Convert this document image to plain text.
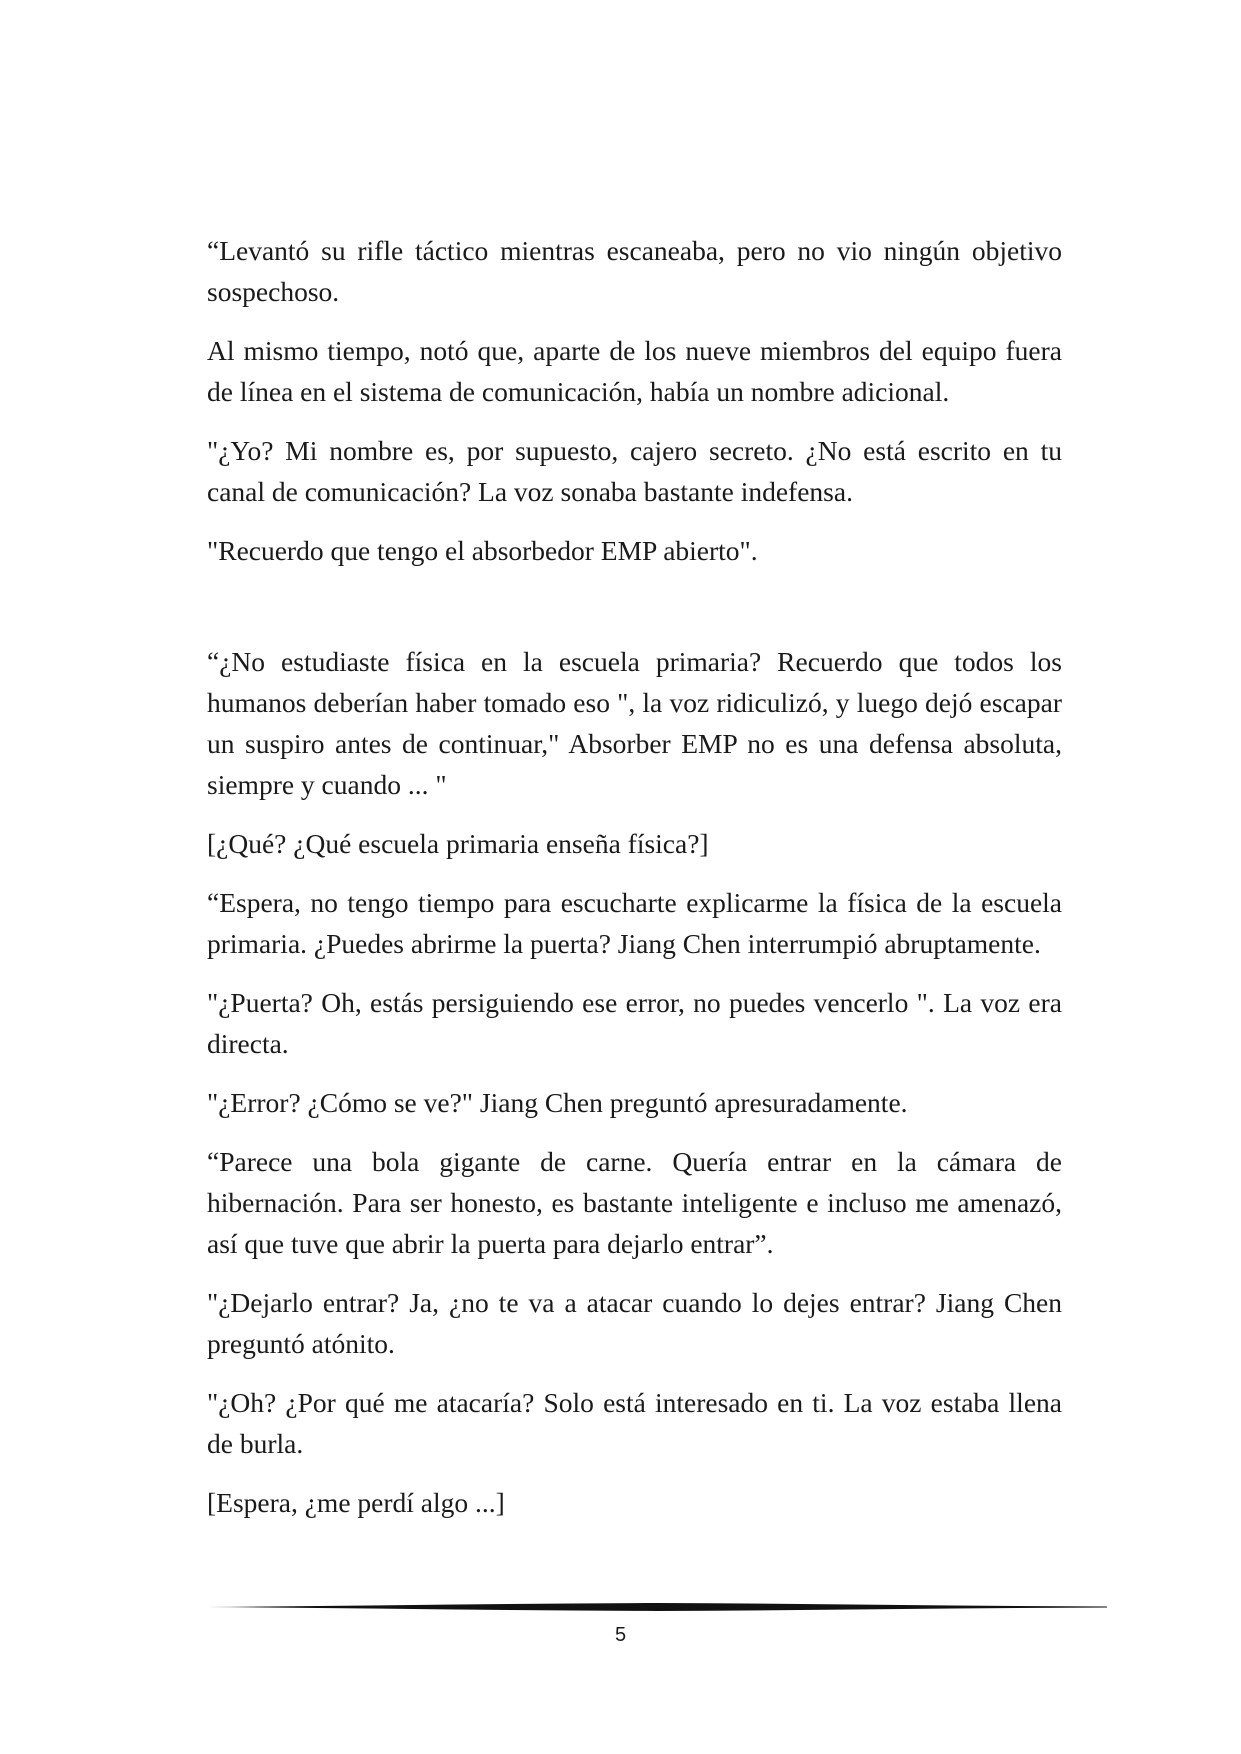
“Levantó su rifle táctico mientras escaneaba, pero no vio ningún objetivo sospechoso.

Al mismo tiempo, notó que, aparte de los nueve miembros del equipo fuera de línea en el sistema de comunicación, había un nombre adicional.

"¿Yo? Mi nombre es, por supuesto, cajero secreto. ¿No está escrito en tu canal de comunicación? La voz sonaba bastante indefensa.

"Recuerdo que tengo el absorbedor EMP abierto".

“¿No estudiaste física en la escuela primaria? Recuerdo que todos los humanos deberían haber tomado eso ", la voz ridiculizó, y luego dejó escapar un suspiro antes de continuar," Absorber EMP no es una defensa absoluta, siempre y cuando ... "

[¿Qué? ¿Qué escuela primaria enseña física?]

“Espera, no tengo tiempo para escucharte explicarme la física de la escuela primaria. ¿Puedes abrirme la puerta? Jiang Chen interrumpió abruptamente.

"¿Puerta? Oh, estás persiguiendo ese error, no puedes vencerlo ". La voz era directa.

"¿Error? ¿Cómo se ve?" Jiang Chen preguntó apresuradamente.

“Parece una bola gigante de carne. Quería entrar en la cámara de hibernación. Para ser honesto, es bastante inteligente e incluso me amenazó, así que tuve que abrir la puerta para dejarlo entrar”.

"¿Dejarlo entrar? Ja, ¿no te va a atacar cuando lo dejes entrar? Jiang Chen preguntó atónito.

"¿Oh? ¿Por qué me atacaría? Solo está interesado en ti. La voz estaba llena de burla.

[Espera, ¿me perdí algo ...]

5
